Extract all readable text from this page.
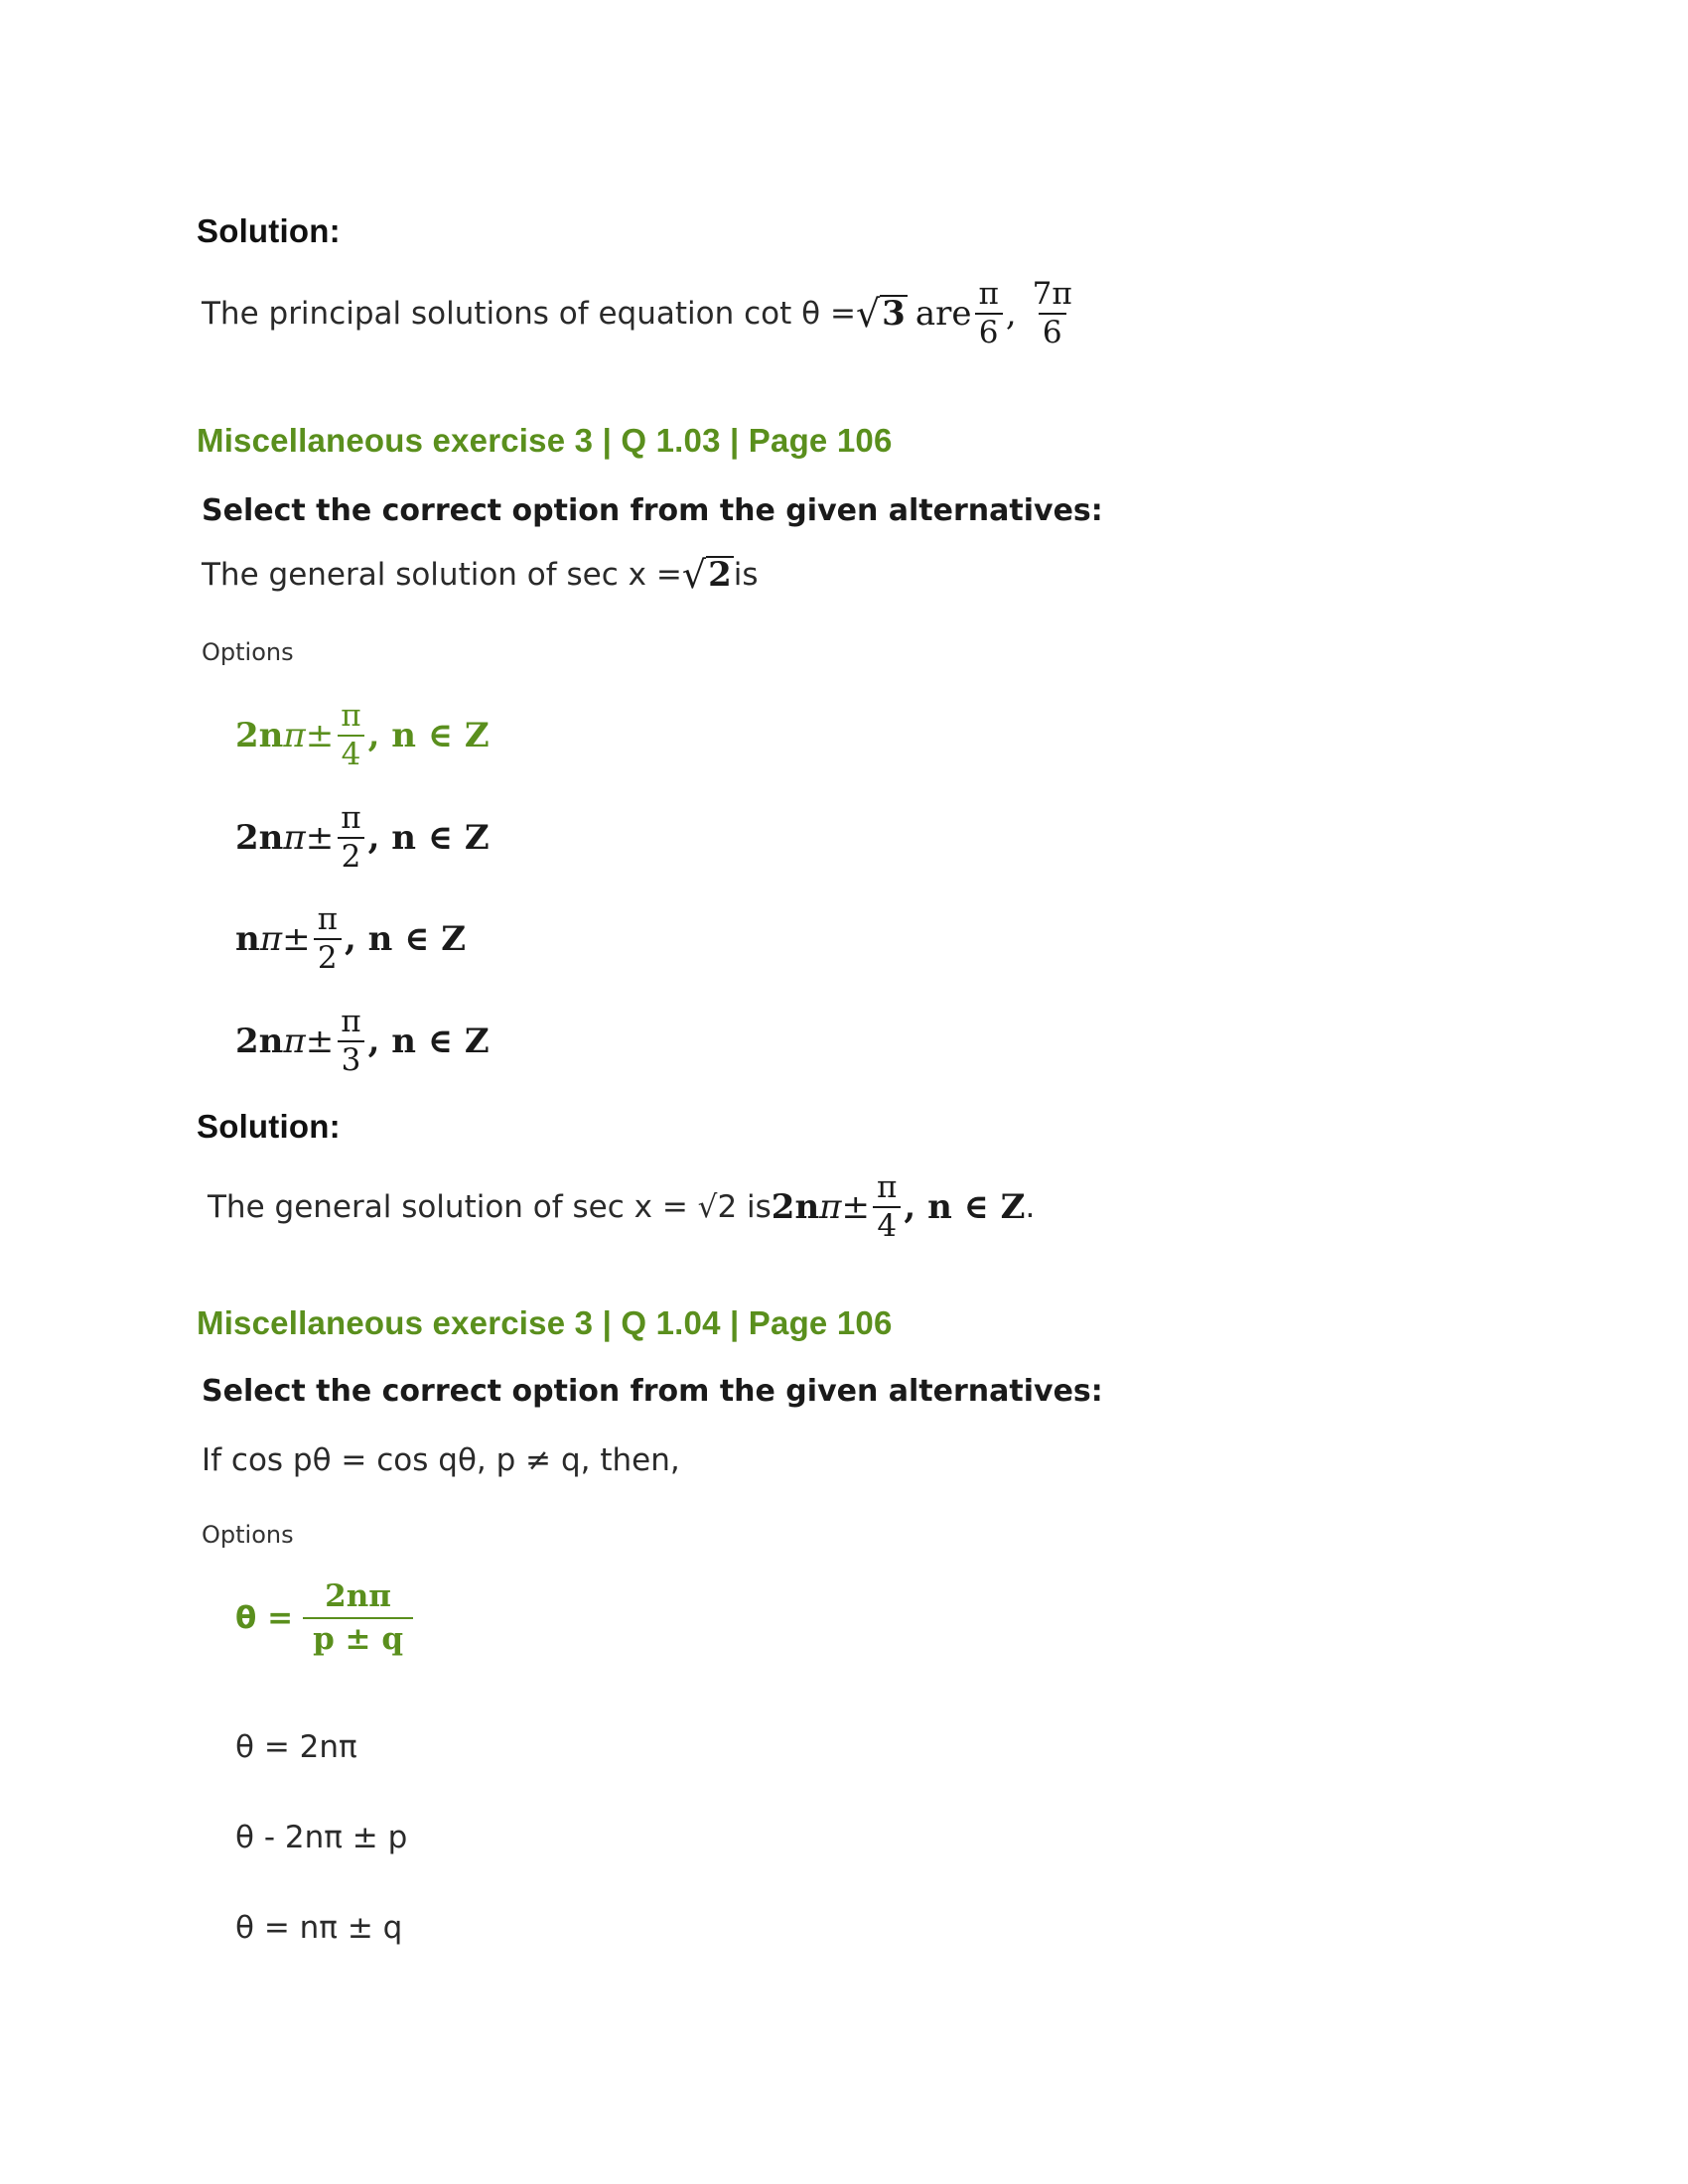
Solution:
The principal solutions of equation cot θ = √ 3 are $\frac{\pi}{6}$ , $\frac{7\pi}{6}$
Miscellaneous exercise 3 | Q 1.03 | Page 106
Select the correct option from the given alternatives:
The general solution of sec x = √ 2 is
Options
2n $\pi \pm \frac{\pi}{4}$ , n ∈ Z
2n $\pi \pm \frac{\pi}{2}$ , n ∈ Z
n $\pi \pm \frac{\pi}{2}$ , n ∈ Z
2n $\pi \pm \frac{\pi}{3}$ , n ∈ Z
Solution:
The general solution of sec x = √2 is 2n $\pi \pm \frac{\pi}{4}$ , n ∈ Z .
Miscellaneous exercise 3 | Q 1.04 | Page 106
Select the correct option from the given alternatives:
If cos pθ = cos qθ, p ≠ q, then,
Options
$\theta = \frac{2n\pi}{p \pm q}$
θ = 2nπ
θ - 2nπ ± p
θ = nπ ± q
